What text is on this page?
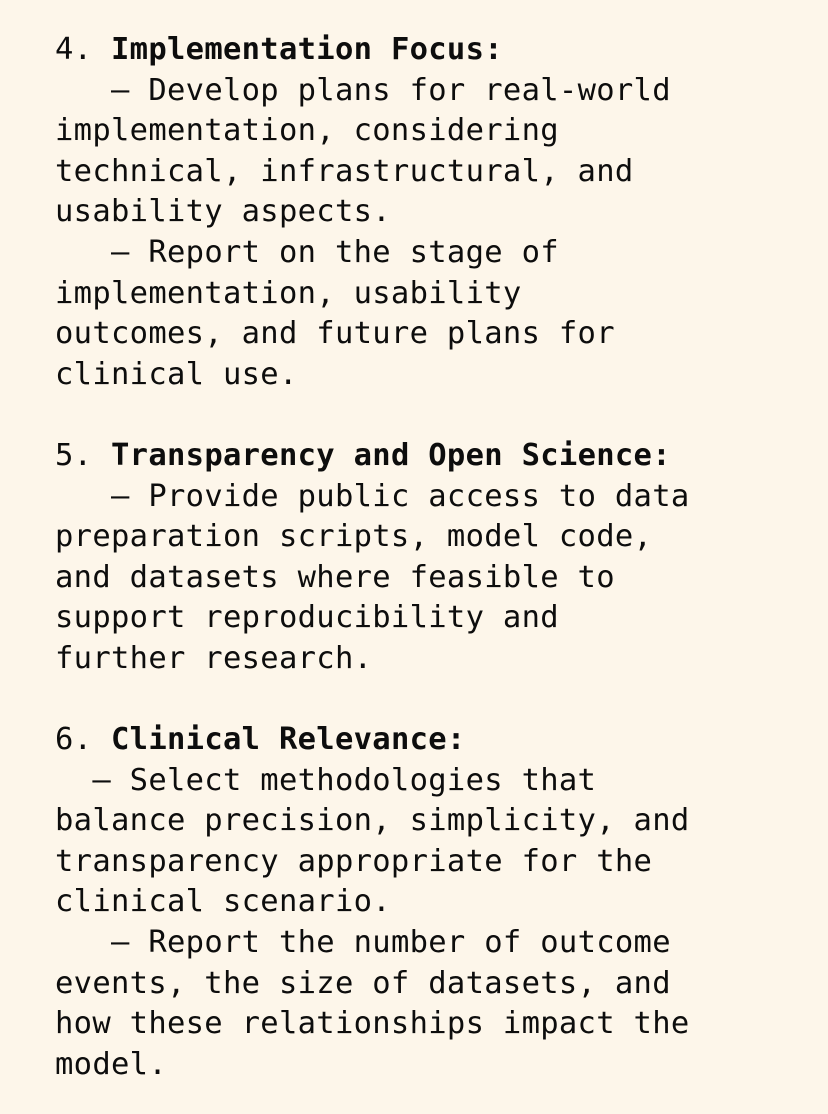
4. Implementation Focus:
– Develop plans for real-world
implementation, considering
technical, infrastructural, and
usability aspects.
– Report on the stage of
implementation, usability
outcomes, and future plans for
clinical use.
5. Transparency and Open Science:
– Provide public access to data
preparation scripts, model code,
and datasets where feasible to
support reproducibility and
further research.
6. Clinical Relevance:
– Select methodologies that
balance precision, simplicity, and
transparency appropriate for the
clinical scenario.
– Report the number of outcome
events, the size of datasets, and
how these relationships impact the
model.
